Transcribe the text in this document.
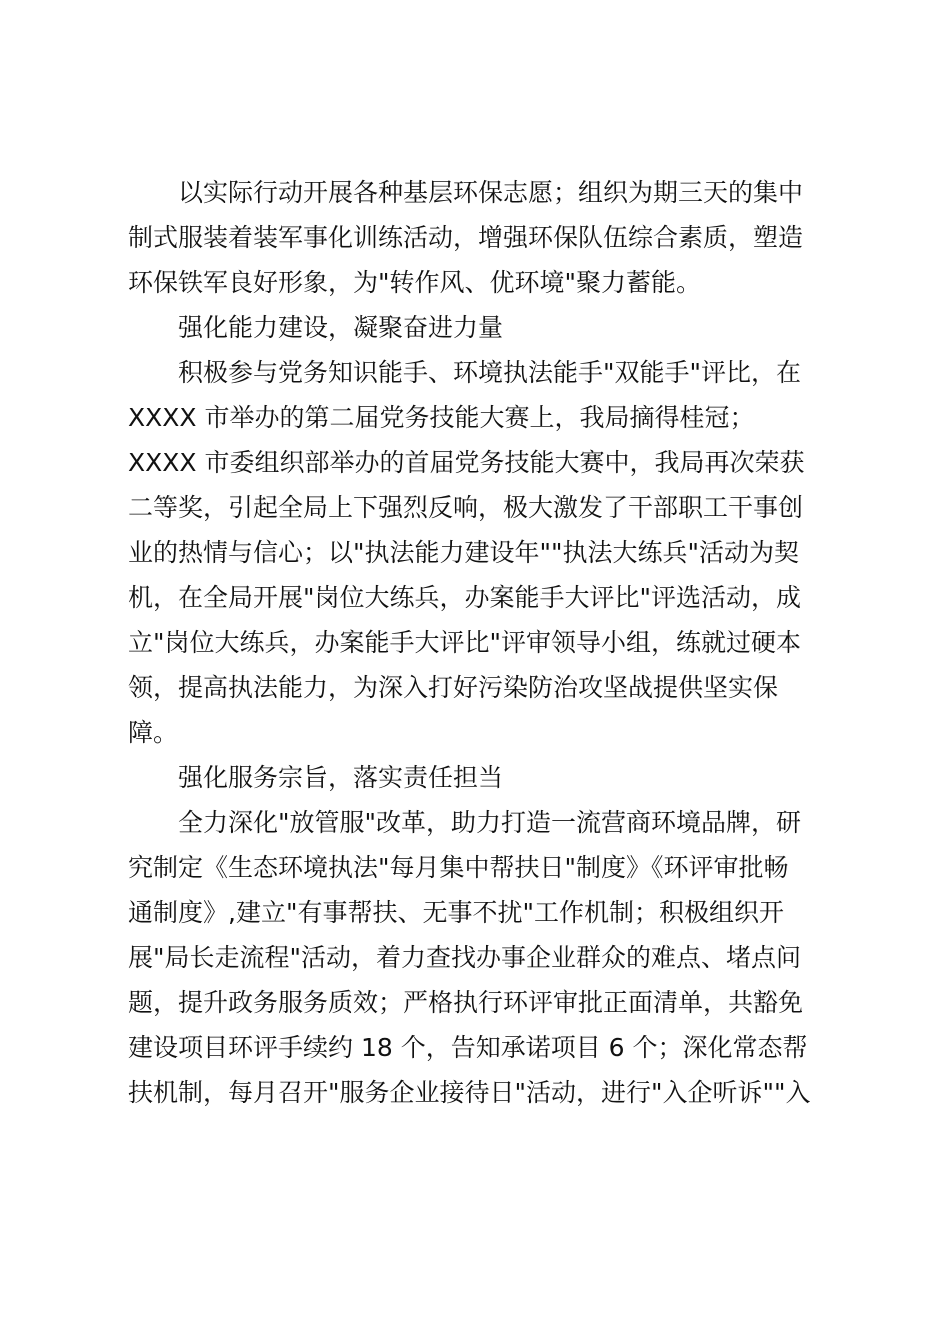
以实际行动开展各种基层环保志愿；组织为期三天的集中
制式服装着装军事化训练活动，增强环保队伍综合素质，塑造
环保铁军良好形象，为"转作风、优环境"聚力蓄能。
强化能力建设，凝聚奋进力量
积极参与党务知识能手、环境执法能手"双能手"评比，在
XXXX 市举办的第二届党务技能大赛上，我局摘得桂冠；
XXXX 市委组织部举办的首届党务技能大赛中，我局再次荣获
二等奖，引起全局上下强烈反响，极大激发了干部职工干事创
业的热情与信心；以"执法能力建设年""执法大练兵"活动为契
机，在全局开展"岗位大练兵，办案能手大评比"评选活动，成
立"岗位大练兵，办案能手大评比"评审领导小组，练就过硬本
领，提高执法能力，为深入打好污染防治攻坚战提供坚实保
障。
强化服务宗旨，落实责任担当
全力深化"放管服"改革，助力打造一流营商环境品牌，研
究制定《生态环境执法"每月集中帮扶日"制度》《环评审批畅
通制度》,建立"有事帮扶、无事不扰"工作机制；积极组织开
展"局长走流程"活动，着力查找办事企业群众的难点、堵点问
题，提升政务服务质效；严格执行环评审批正面清单，共豁免
建设项目环评手续约 18 个，告知承诺项目 6 个；深化常态帮
扶机制，每月召开"服务企业接待日"活动，进行"入企听诉""入
